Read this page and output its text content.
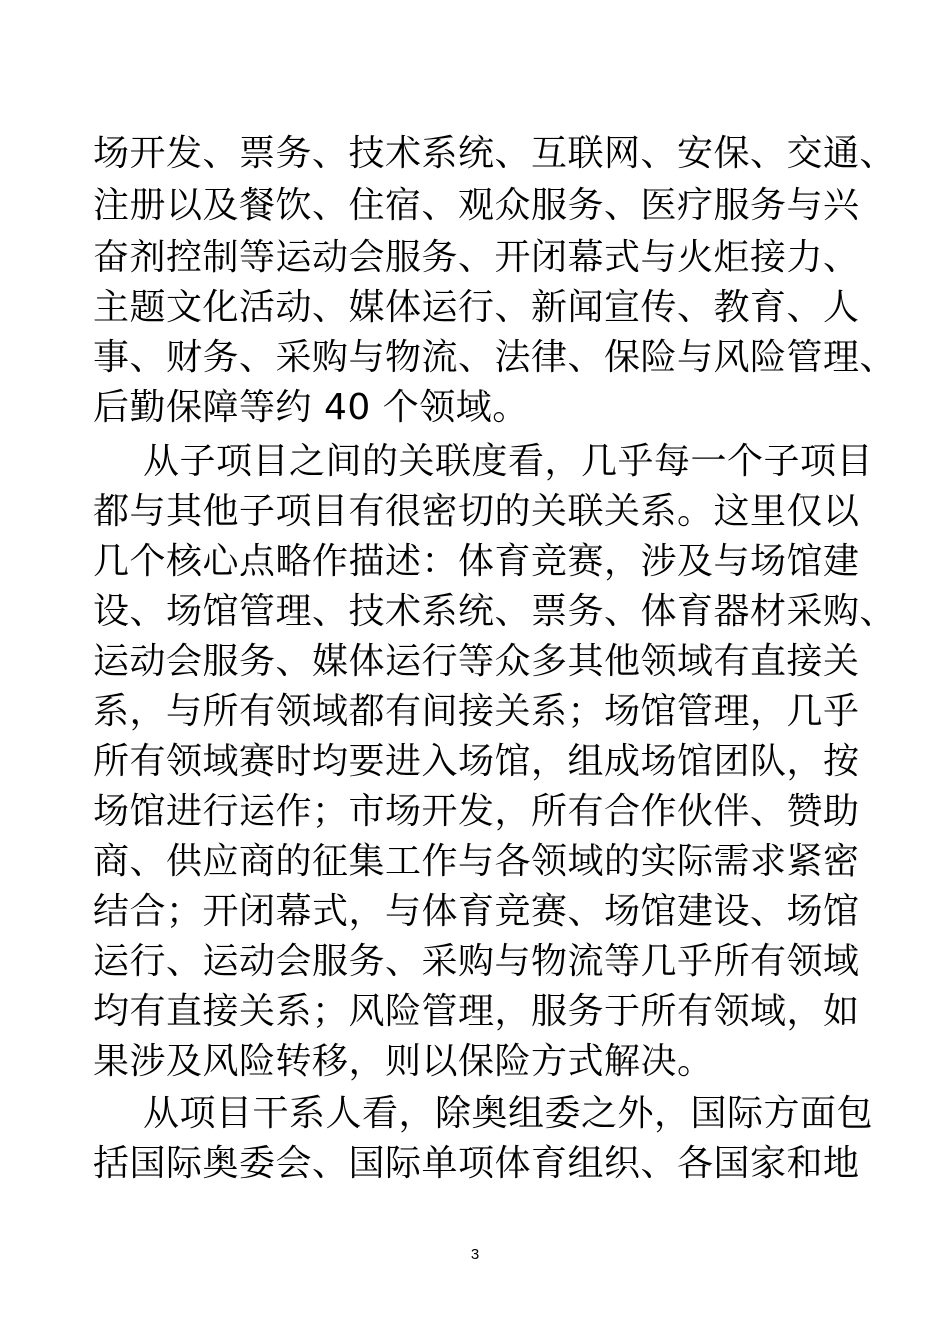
场开发、票务、技术系统、互联网、安保、交通、
注册以及餐饮、住宿、观众服务、医疗服务与兴
奋剂控制等运动会服务、开闭幕式与火炬接力、
主题文化活动、媒体运行、新闻宣传、教育、人
事、财务、采购与物流、法律、保险与风险管理、
后勤保障等约 40 个领域。
从子项目之间的关联度看，几乎每一个子项目
都与其他子项目有很密切的关联关系。这里仅以
几个核心点略作描述：体育竞赛，涉及与场馆建
设、场馆管理、技术系统、票务、体育器材采购、
运动会服务、媒体运行等众多其他领域有直接关
系，与所有领域都有间接关系；场馆管理，几乎
所有领域赛时均要进入场馆，组成场馆团队，按
场馆进行运作；市场开发，所有合作伙伴、赞助
商、供应商的征集工作与各领域的实际需求紧密
结合；开闭幕式，与体育竞赛、场馆建设、场馆
运行、运动会服务、采购与物流等几乎所有领域
均有直接关系；风险管理，服务于所有领域，如
果涉及风险转移，则以保险方式解决。
从项目干系人看，除奥组委之外，国际方面包
括国际奥委会、国际单项体育组织、各国家和地
3
